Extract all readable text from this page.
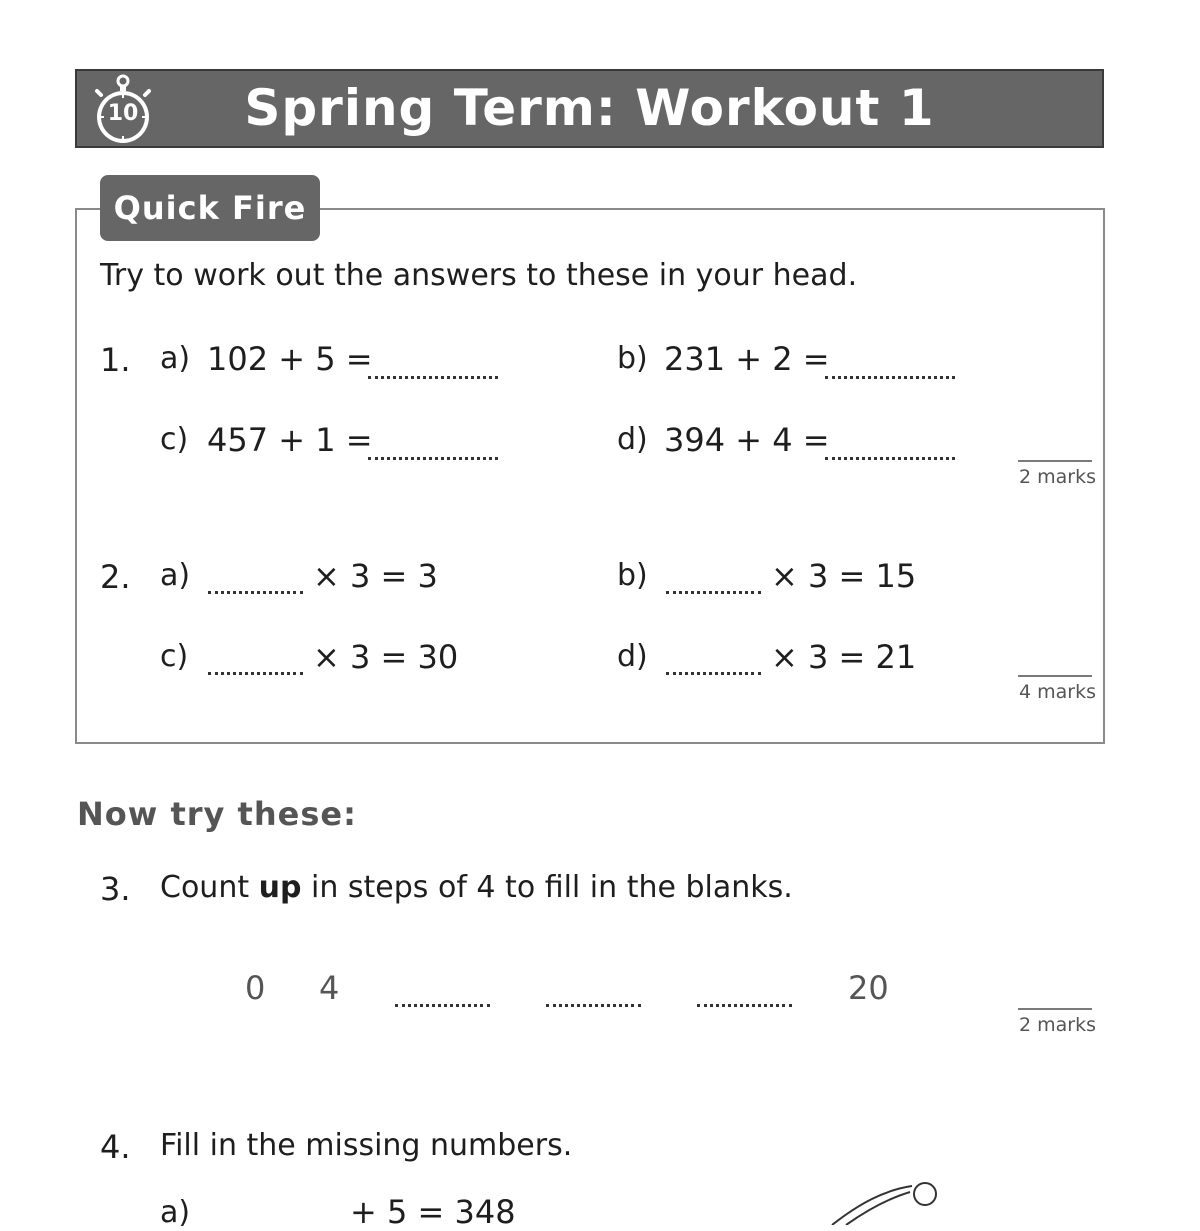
10	Spring Term: Workout 1
Quick Fire
Try to work out the answers to these in your head.
1. a) 102 + 5 =	b) 231 + 2 =
c) 457 + 1 =	d) 394 + 4 =
2 marks
2. a)	× 3 = 3	b)	× 3 = 15
c)	× 3 = 30	d)	× 3 = 21
4 marks
Now try these:
3. Count up in steps of 4 to fill in the blanks.
0 4	20
2 marks
4. Fill in the missing numbers.
a)	+ 5 = 348
